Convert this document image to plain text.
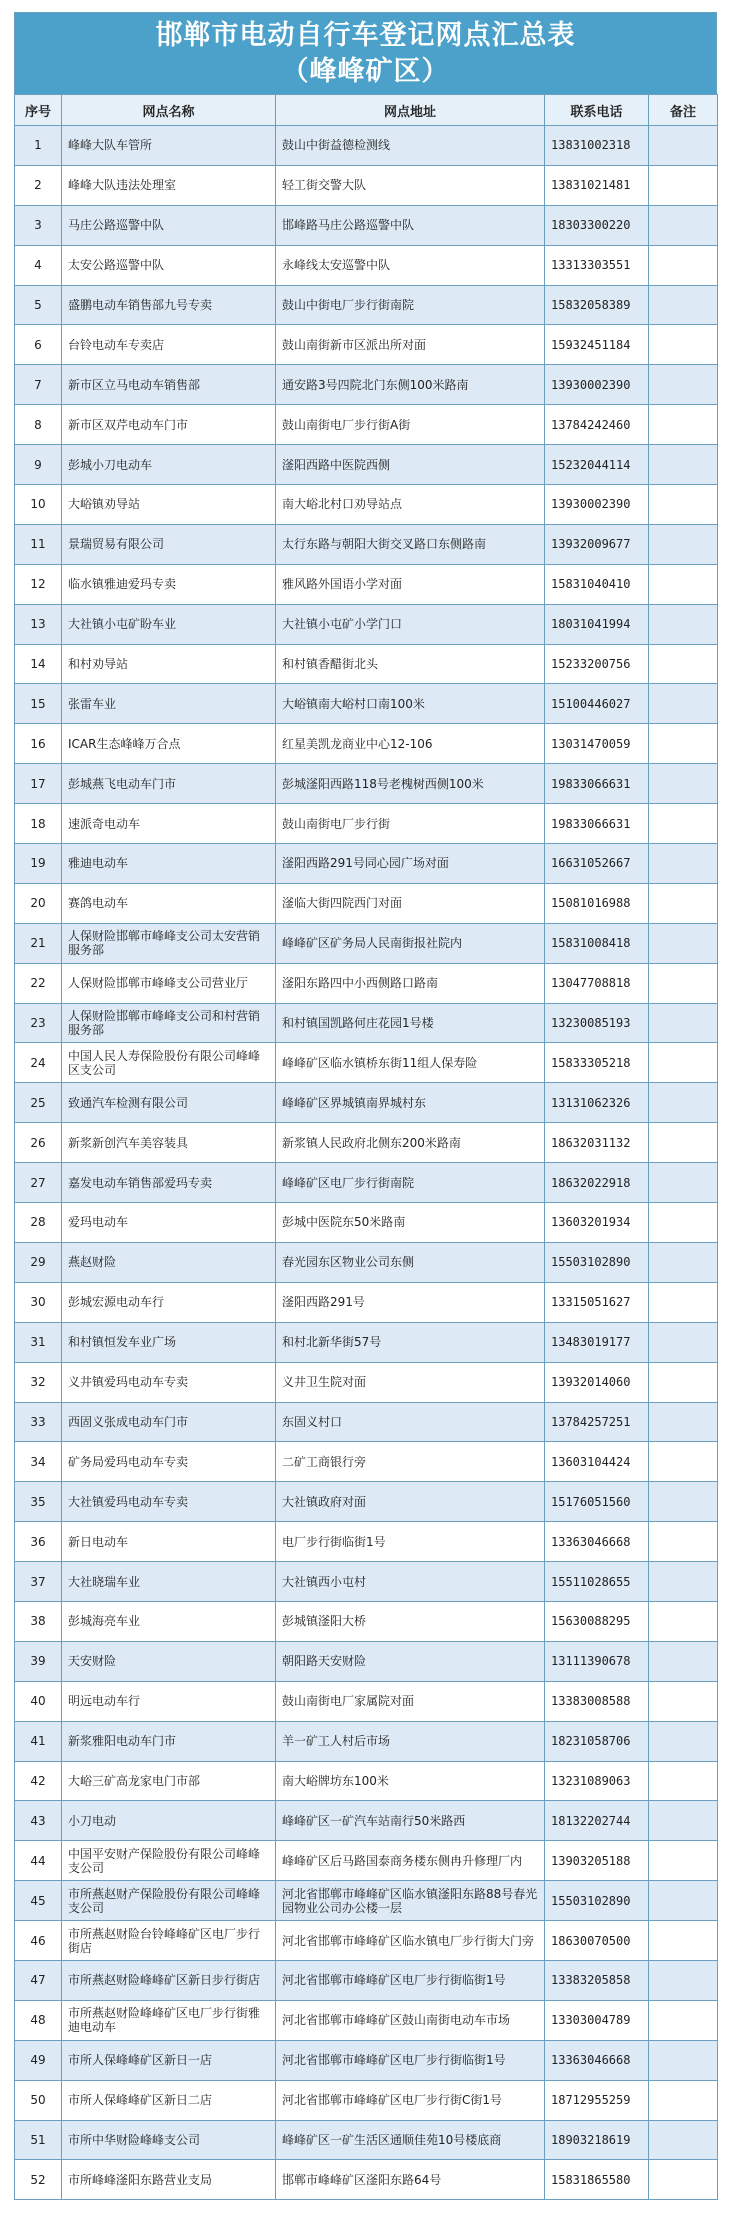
邯郸市电动自行车登记网点汇总表
（峰峰矿区）
序号	网点名称	网点地址	联系电话	备注
1	峰峰大队车管所	鼓山中街益德检测线	13831002318	
2	峰峰大队违法处理室	轻工街交警大队	13831021481	
3	马庄公路巡警中队	邯峰路马庄公路巡警中队	18303300220	
4	太安公路巡警中队	永峰线太安巡警中队	13313303551	
5	盛鹏电动车销售部九号专卖	鼓山中街电厂步行街南院	15832058389	
6	台铃电动车专卖店	鼓山南街新市区派出所对面	15932451184	
7	新市区立马电动车销售部	通安路3号四院北门东侧100米路南	13930002390	
8	新市区双芹电动车门市	鼓山南街电厂步行街A街	13784242460	
9	彭城小刀电动车	滏阳西路中医院西侧	15232044114	
10	大峪镇劝导站	南大峪北村口劝导站点	13930002390	
11	景瑞贸易有限公司	太行东路与朝阳大街交叉路口东侧路南	13932009677	
12	临水镇雅迪爱玛专卖	雅风路外国语小学对面	15831040410	
13	大社镇小屯矿盼车业	大社镇小屯矿小学门口	18031041994	
14	和村劝导站	和村镇香醋街北头	15233200756	
15	张雷车业	大峪镇南大峪村口南100米	15100446027	
16	ICAR生态峰峰万合点	红星美凯龙商业中心12-106	13031470059	
17	彭城燕飞电动车门市	彭城滏阳西路118号老槐树西侧100米	19833066631	
18	速派奇电动车	鼓山南街电厂步行街	19833066631	
19	雅迪电动车	滏阳西路291号同心园广场对面	16631052667	
20	赛鸽电动车	滏临大街四院西门对面	15081016988	
21	人保财险邯郸市峰峰支公司太安营销服务部	峰峰矿区矿务局人民南街报社院内	15831008418	
22	人保财险邯郸市峰峰支公司营业厅	滏阳东路四中小西侧路口路南	13047708818	
23	人保财险邯郸市峰峰支公司和村营销服务部	和村镇国凯路何庄花园1号楼	13230085193	
24	中国人民人寿保险股份有限公司峰峰区支公司	峰峰矿区临水镇桥东街11组人保寿险	15833305218	
25	致通汽车检测有限公司	峰峰矿区界城镇南界城村东	13131062326	
26	新浆新创汽车美容装具	新浆镇人民政府北侧东200米路南	18632031132	
27	嘉发电动车销售部爱玛专卖	峰峰矿区电厂步行街南院	18632022918	
28	爱玛电动车	彭城中医院东50米路南	13603201934	
29	燕赵财险	春光园东区物业公司东侧	15503102890	
30	彭城宏源电动车行	滏阳西路291号	13315051627	
31	和村镇恒发车业广场	和村北新华街57号	13483019177	
32	义井镇爱玛电动车专卖	义井卫生院对面	13932014060	
33	西固义张成电动车门市	东固义村口	13784257251	
34	矿务局爱玛电动车专卖	二矿工商银行旁	13603104424	
35	大社镇爱玛电动车专卖	大社镇政府对面	15176051560	
36	新日电动车	电厂步行街临街1号	13363046668	
37	大社晓瑞车业	大社镇西小屯村	15511028655	
38	彭城海亮车业	彭城镇滏阳大桥	15630088295	
39	天安财险	朝阳路天安财险	13111390678	
40	明远电动车行	鼓山南街电厂家属院对面	13383008588	
41	新浆雅阳电动车门市	羊一矿工人村后市场	18231058706	
42	大峪三矿高龙家电门市部	南大峪牌坊东100米	13231089063	
43	小刀电动	峰峰矿区一矿汽车站南行50米路西	18132202744	
44	中国平安财产保险股份有限公司峰峰支公司	峰峰矿区后马路国泰商务楼东侧冉升修理厂内	13903205188	
45	市所燕赵财产保险股份有限公司峰峰支公司	河北省邯郸市峰峰矿区临水镇滏阳东路88号春光园物业公司办公楼一层	15503102890	
46	市所燕赵财险台铃峰峰矿区电厂步行街店	河北省邯郸市峰峰矿区临水镇电厂步行街大门旁	18630070500	
47	市所燕赵财险峰峰矿区新日步行街店	河北省邯郸市峰峰矿区电厂步行街临街1号	13383205858	
48	市所燕赵财险峰峰矿区电厂步行街雅迪电动车	河北省邯郸市峰峰矿区鼓山南街电动车市场	13303004789	
49	市所人保峰峰矿区新日一店	河北省邯郸市峰峰矿区电厂步行街临街1号	13363046668	
50	市所人保峰峰矿区新日二店	河北省邯郸市峰峰矿区电厂步行街C街1号	18712955259	
51	市所中华财险峰峰支公司	峰峰矿区一矿生活区通顺佳苑10号楼底商	18903218619	
52	市所峰峰滏阳东路营业支局	邯郸市峰峰矿区滏阳东路64号	15831865580	
